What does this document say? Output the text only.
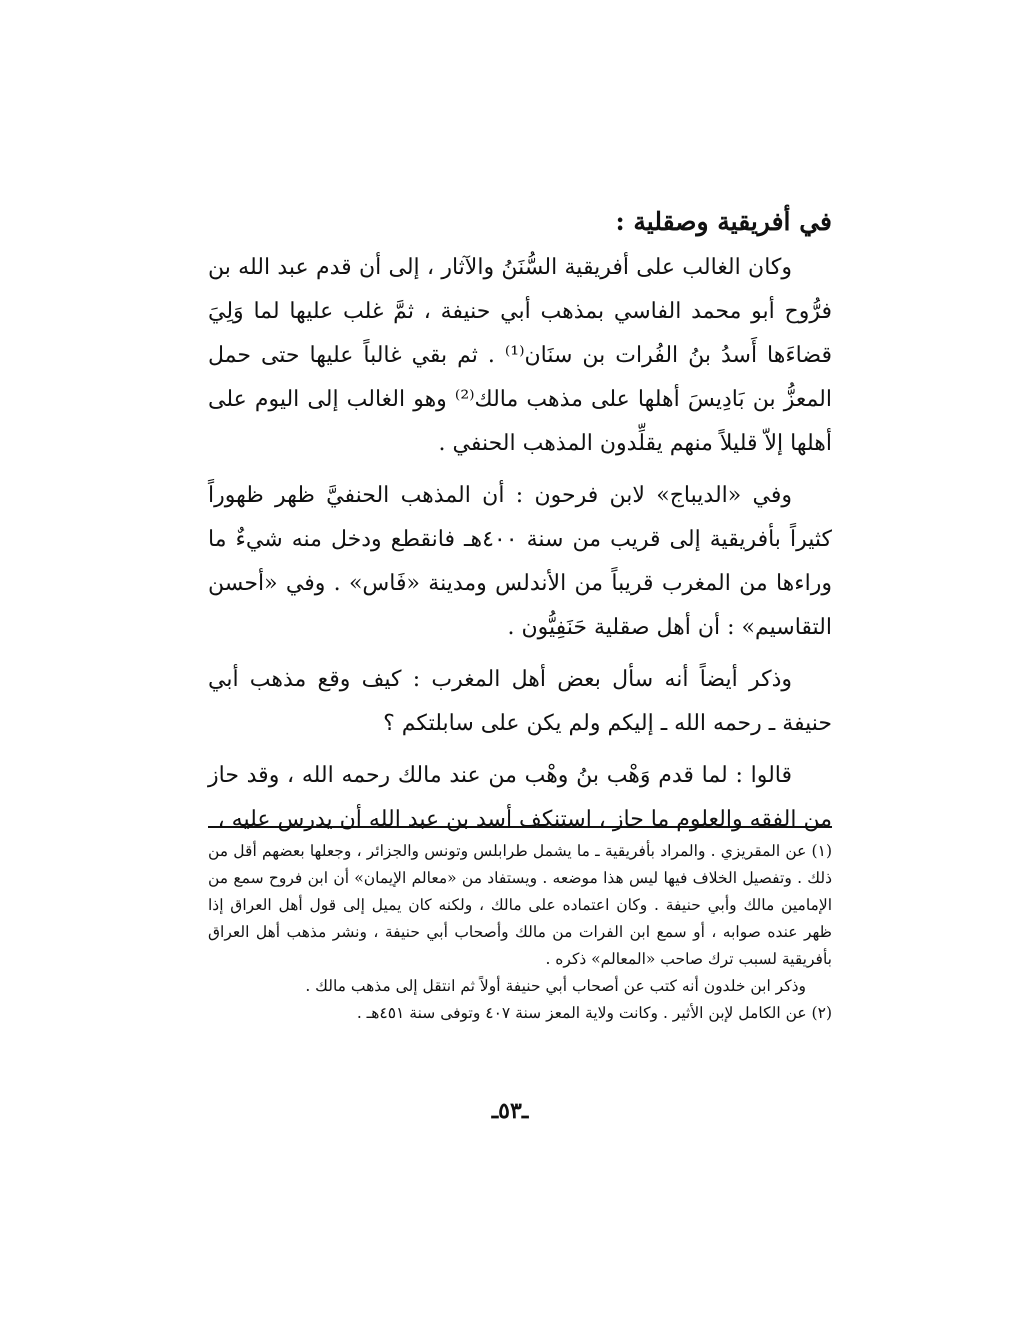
في أفريقية وصقلية :

وكان الغالب على أفريقية السُّنَنُ والآثار ، إلى أن قدم عبد الله بن فرُّوح أبو محمد الفاسي بمذهب أبي حنيفة ، ثمَّ غلب عليها لما وَلِيَ قضاءَها أَسدُ بنُ الفُرات بن سنَان⁽¹⁾ . ثم بقي غالباً عليها حتى حمل المعزُّ بن بَادِيسَ أهلها على مذهب مالك⁽²⁾ وهو الغالب إلى اليوم على أهلها إلاّ قليلاً منهم يقلِّدون المذهب الحنفي .

وفي «الديباج» لابن فرحون : أن المذهب الحنفيَّ ظهر ظهوراً كثيراً بأفريقية إلى قريب من سنة ٤٠٠هـ فانقطع ودخل منه شيءٌ ما وراءها من المغرب قريباً من الأندلس ومدينة «فَاس» . وفي «أحسن التقاسيم» : أن أهل صقلية حَنَفِيُّون .

وذكر أيضاً أنه سأل بعض أهل المغرب : كيف وقع مذهب أبي حنيفة ـ رحمه الله ـ إليكم ولم يكن على سابلتكم ؟

قالوا : لما قدم وَهْب بنُ وهْب من عند مالك رحمه الله ، وقد حاز من الفقه والعلوم ما حاز ، استنكف أسد بن عبد الله أن يدرس عليه ،

(١) عن المقريزي . والمراد بأفريقية ـ ما يشمل طرابلس وتونس والجزائر ، وجعلها بعضهم أقل من ذلك . وتفصيل الخلاف فيها ليس هذا موضعه . ويستفاد من «معالم الإيمان» أن ابن فروح سمع من الإمامين مالك وأبي حنيفة . وكان اعتماده على مالك ، ولكنه كان يميل إلى قول أهل العراق إذا ظهر عنده صوابه ، أو سمع ابن الفرات من مالك وأصحاب أبي حنيفة ، ونشر مذهب أهل العراق بأفريقية لسبب ترك صاحب «المعالم» ذكره .

وذكر ابن خلدون أنه كتب عن أصحاب أبي حنيفة أولاً ثم انتقل إلى مذهب مالك .

(٢) عن الكامل لإبن الأثير . وكانت ولاية المعز سنة ٤٠٧ وتوفى سنة ٤٥١هـ .

ـ٥٣ـ
